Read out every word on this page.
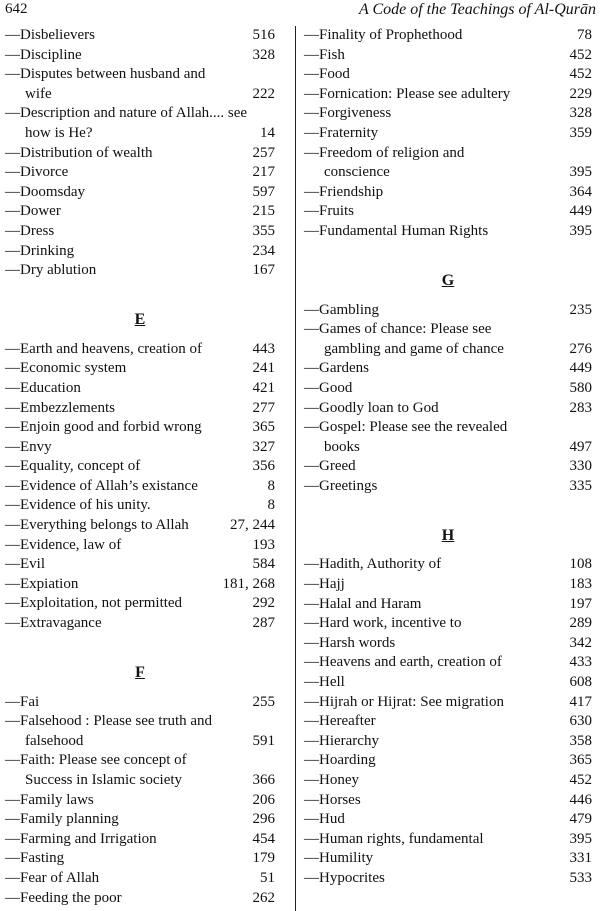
642	A Code of the Teachings of Al-Qurān
—Disbelievers	516
—Discipline	328
—Disputes between husband and
wife	222
—Description and nature of Allah.... see
how is He?	14
—Distribution of wealth	257
—Divorce	217
—Doomsday	597
—Dower	215
—Dress	355
—Drinking	234
—Dry ablution	167
E
—Earth and heavens, creation of	443
—Economic system	241
—Education	421
—Embezzlements	277
—Enjoin good and forbid wrong	365
—Envy	327
—Equality, concept of	356
—Evidence of Allah’s existance	8
—Evidence of his unity.	8
—Everything belongs to Allah	27, 244
—Evidence, law of	193
—Evil	584
—Expiation	181, 268
—Exploitation, not permitted	292
—Extravagance	287
F
—Fai	255
—Falsehood : Please see truth and
falsehood	591
—Faith: Please see concept of
Success in Islamic society	366
—Family laws	206
—Family planning	296
—Farming and Irrigation	454
—Fasting	179
—Fear of Allah	51
—Feeding the poor	262
—Finality of Prophethood	78
—Fish	452
—Food	452
—Fornication: Please see adultery	229
—Forgiveness	328
—Fraternity	359
—Freedom of religion and
conscience	395
—Friendship	364
—Fruits	449
—Fundamental Human Rights	395
G
—Gambling	235
—Games of chance: Please see
gambling and game of chance	276
—Gardens	449
—Good	580
—Goodly loan to God	283
—Gospel: Please see the revealed
books	497
—Greed	330
—Greetings	335
H
—Hadith, Authority of	108
—Hajj	183
—Halal and Haram	197
—Hard work, incentive to	289
—Harsh words	342
—Heavens and earth, creation of	433
—Hell	608
—Hijrah or Hijrat: See migration	417
—Hereafter	630
—Hierarchy	358
—Hoarding	365
—Honey	452
—Horses	446
—Hud	479
—Human rights, fundamental	395
—Humility	331
—Hypocrites	533
